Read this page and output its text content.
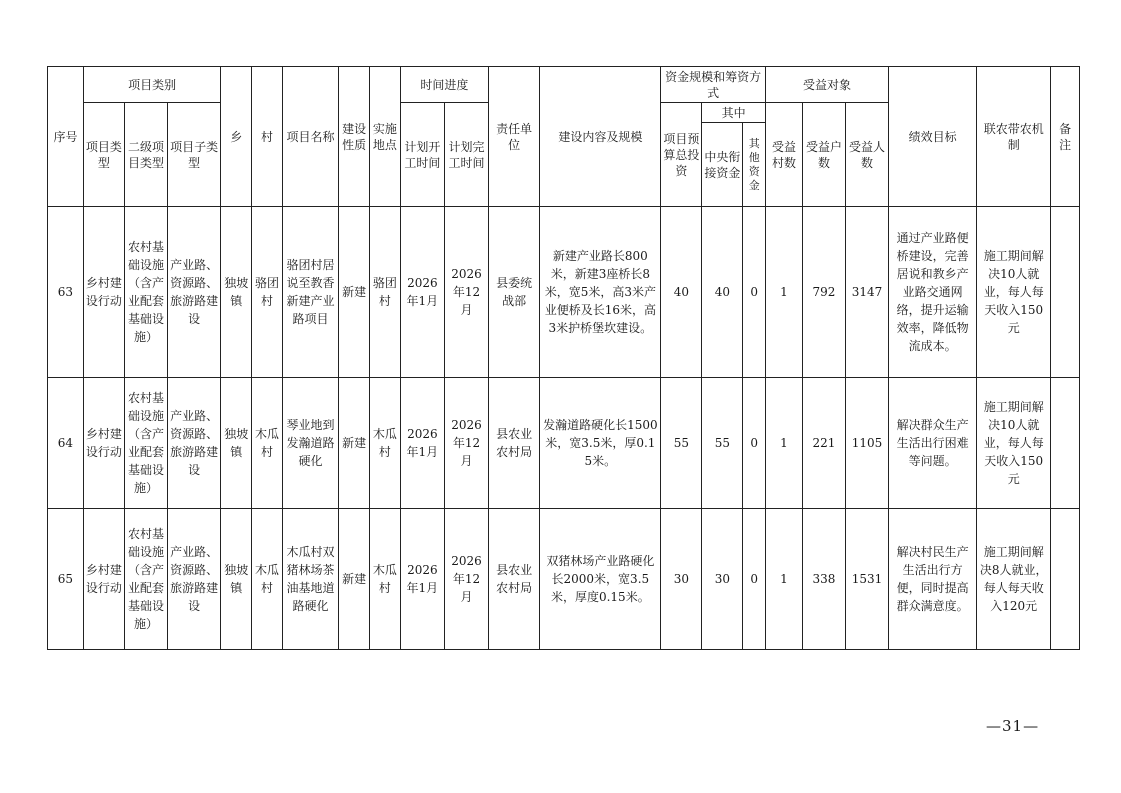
序号	项目类别			乡	村	项目名称	建设性质	实施地点	时间进度		责任单位	建设内容及规模	资金规模和筹资方式			受益对象			绩效目标	联农带农机制	备注
	项目类型	二级项目类型	项目子类型						计划开工时间	计划完工时间			项目预算总投资	其中		受益村数	受益户数	受益人数			
														中央衔接资金	其他资金						
63	乡村建设行动	农村基础设施（含产业配套基础设施）	产业路、资源路、旅游路建设	独坡镇	骆团村	骆团村居说至教香新建产业路项目	新建	骆团村	2026年1月	2026年12月	县委统战部	新建产业路长800米，新建3座桥长8米，宽5米，高3米产业便桥及长16米，高3米护桥堡坎建设。	40	40	0	1	792	3147	通过产业路便桥建设，完善居说和教乡产业路交通网络，提升运输效率，降低物流成本。	施工期间解决10人就业，每人每天收入150元	
64	乡村建设行动	农村基础设施（含产业配套基础设施）	产业路、资源路、旅游路建设	独坡镇	木瓜村	琴业地到发瀚道路硬化	新建	木瓜村	2026年1月	2026年12月	县农业农村局	发瀚道路硬化长1500米，宽3.5米，厚0.15米。	55	55	0	1	221	1105	解决群众生产生活出行困难等问题。	施工期间解决10人就业，每人每天收入150元	
65	乡村建设行动	农村基础设施（含产业配套基础设施）	产业路、资源路、旅游路建设	独坡镇	木瓜村	木瓜村双猪林场茶油基地道路硬化	新建	木瓜村	2026年1月	2026年12月	县农业农村局	双猪林场产业路硬化长2000米，宽3.5米，厚度0.15米。	30	30	0	1	338	1531	解决村民生产生活出行方便，同时提高群众满意度。	施工期间解决8人就业，每人每天收入120元	
—31—
